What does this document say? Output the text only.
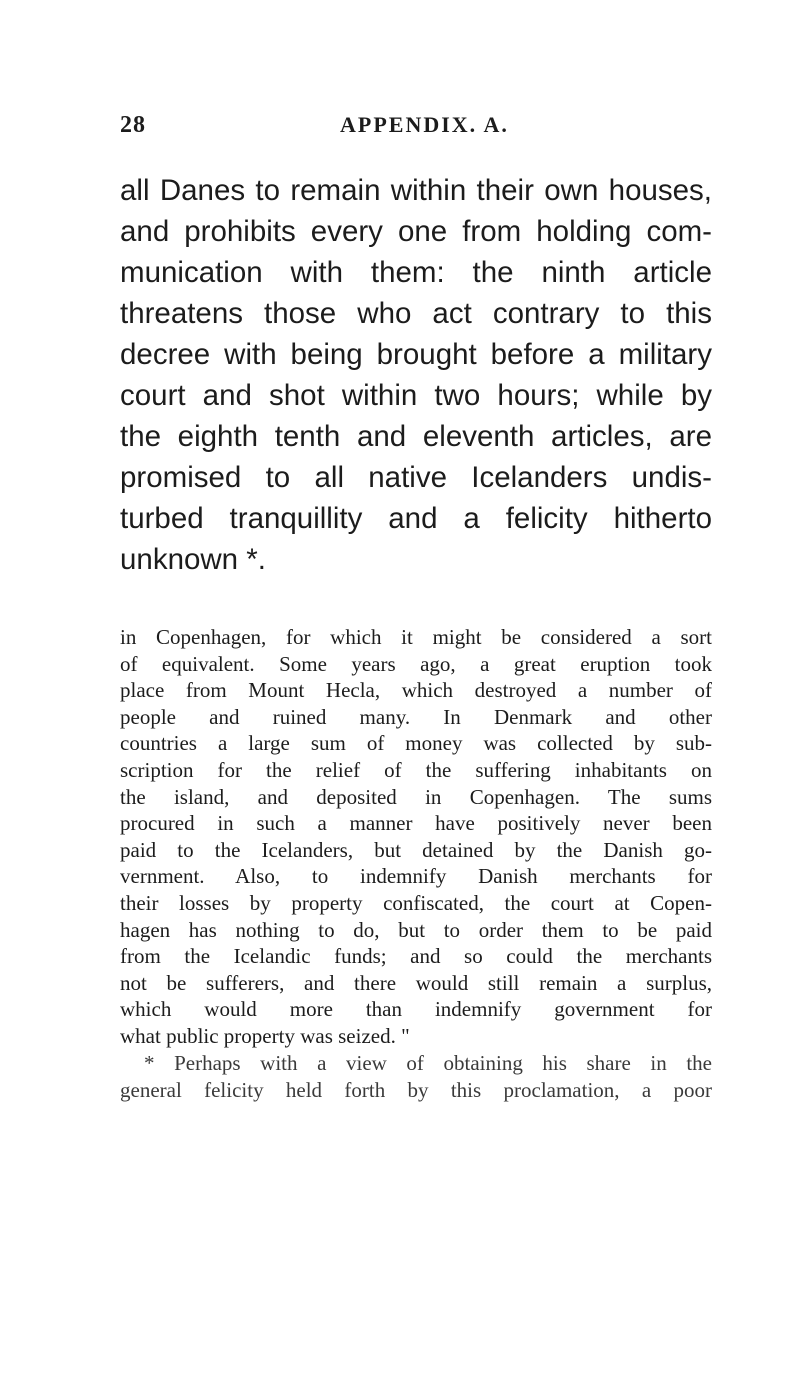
28	APPENDIX. A.
all Danes to remain within their own houses,
and prohibits every one from holding com-
munication with them: the ninth article
threatens those who act contrary to this
decree with being brought before a military
court and shot within two hours; while by
the eighth tenth and eleventh articles, are
promised to all native Icelanders undis-
turbed tranquillity and a felicity hitherto
unknown *.
in Copenhagen, for which it might be considered a sort
of equivalent. Some years ago, a great eruption took
place from Mount Hecla, which destroyed a number of
people and ruined many. In Denmark and other
countries a large sum of money was collected by sub-
scription for the relief of the suffering inhabitants on
the island, and deposited in Copenhagen. The sums
procured in such a manner have positively never been
paid to the Icelanders, but detained by the Danish go-
vernment. Also, to indemnify Danish merchants for
their losses by property confiscated, the court at Copen-
hagen has nothing to do, but to order them to be paid
from the Icelandic funds; and so could the merchants
not be sufferers, and there would still remain a surplus,
which would more than indemnify government for
what public property was seized. "
* Perhaps with a view of obtaining his share in the
general felicity held forth by this proclamation, a poor
